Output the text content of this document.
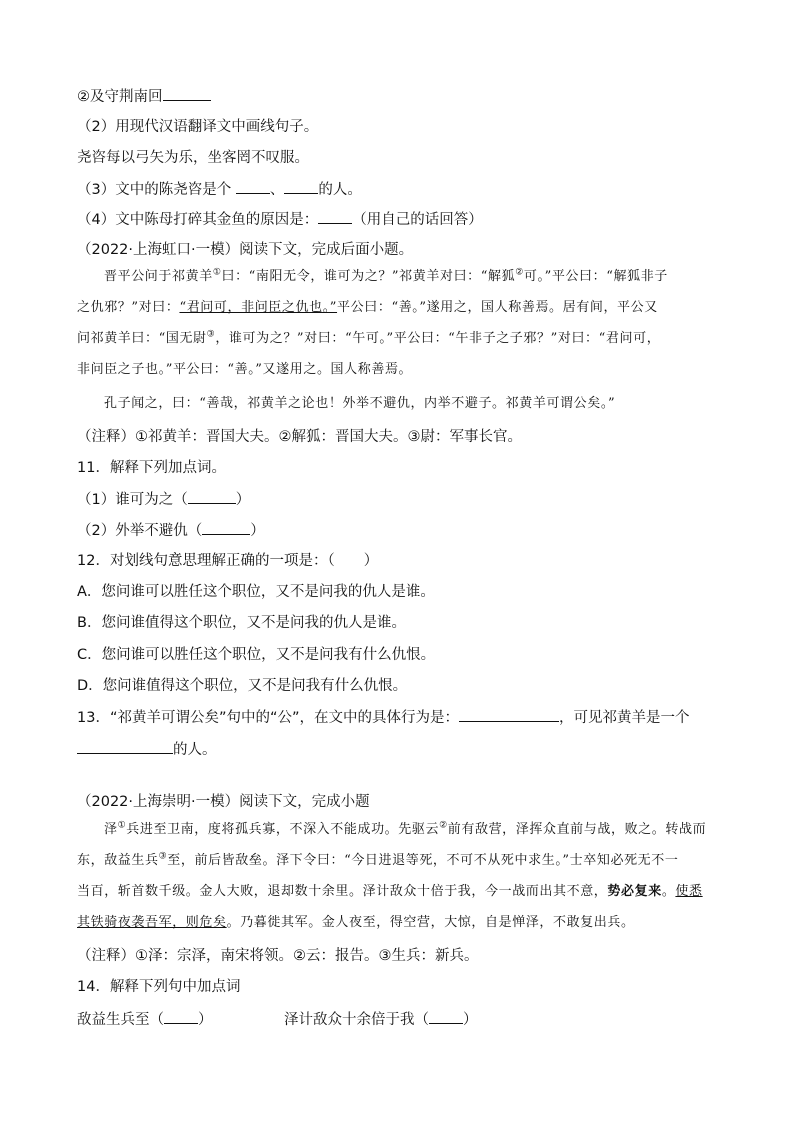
②及守荆南回
（2）用现代汉语翻译文中画线句子。
尧咨每以弓矢为乐，坐客罔不叹服。
（3）文中的陈尧咨是个	、 的人。
（4）文中陈母打碎其金鱼的原因是： （用自己的话回答）
（2022·上海虹口·一模）阅读下文，完成后面小题。
晋平公问于祁黄羊①曰：“南阳无令，谁可为之？”祁黄羊对曰：“解狐②可。”平公曰：“解狐非子
之仇邪？”对曰：“君问可，非问臣之仇也。”平公曰：“善。”遂用之，国人称善焉。居有间，平公又
问祁黄羊曰：“国无尉③，谁可为之？”对曰：“午可。”平公曰：“午非子之子邪？”对曰：“君问可，
非问臣之子也。”平公曰：“善。”又遂用之。国人称善焉。
孔子闻之，曰：“善哉，祁黄羊之论也！外举不避仇，内举不避子。祁黄羊可谓公矣。”
（注释）①祁黄羊：晋国大夫。②解狐：晋国大夫。③尉：军事长官。
11．解释下列加点词。
（1）谁可为之（	）
（2）外举不避仇（	）
12．对划线句意思理解正确的一项是：（　　）
A．您问谁可以胜任这个职位，又不是问我的仇人是谁。
B．您问谁值得这个职位，又不是问我的仇人是谁。
C．您问谁可以胜任这个职位，又不是问我有什么仇恨。
D．您问谁值得这个职位，又不是问我有什么仇恨。
13．“祁黄羊可谓公矣”句中的“公”，在文中的具体行为是：	，可见祁黄羊是一个
的人。
（2022·上海崇明·一模）阅读下文，完成小题
泽①兵进至卫南，度将孤兵寡，不深入不能成功。先驱云②前有敌营，泽挥众直前与战，败之。转战而
东，敌益生兵③至，前后皆敌垒。泽下令曰：“今日进退等死，不可不从死中求生。”士卒知必死无不一
当百，斩首数千级。金人大败，退却数十余里。泽计敌众十倍于我，今一战而出其不意，势必复来。使悉
其铁骑夜袭吾军，则危矣。乃暮徙其军。金人夜至，得空营，大惊，自是惮泽，不敢复出兵。
（注释）①泽：宗泽，南宋将领。②云：报告。③生兵：新兵。
14．解释下列句中加点词
敌益生兵至（ ）	泽计敌众十余倍于我（ ）
